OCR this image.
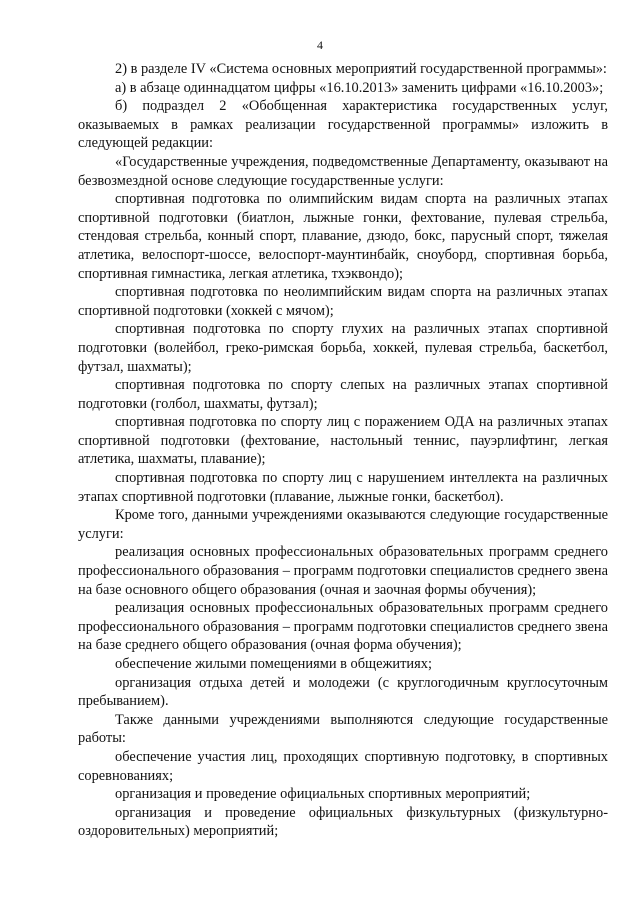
4

2) в разделе IV «Система основных мероприятий государственной программы»:

а) в абзаце одиннадцатом цифры «16.10.2013» заменить цифрами «16.10.2003»;

б) подраздел 2 «Обобщенная характеристика государственных услуг, оказываемых в рамках реализации государственной программы» изложить в следующей редакции:

«Государственные учреждения, подведомственные Департаменту, оказывают на безвозмездной основе следующие государственные услуги:

спортивная подготовка по олимпийским видам спорта на различных этапах спортивной подготовки (биатлон, лыжные гонки, фехтование, пулевая стрельба, стендовая стрельба, конный спорт, плавание, дзюдо, бокс, парусный спорт, тяжелая атлетика, велоспорт-шоссе, велоспорт-маунтинбайк, сноуборд, спортивная борьба, спортивная гимнастика, легкая атлетика, тхэквондо);

спортивная подготовка по неолимпийским видам спорта на различных этапах спортивной подготовки (хоккей с мячом);

спортивная подготовка по спорту глухих на различных этапах спортивной подготовки (волейбол, греко-римская борьба, хоккей, пулевая стрельба, баскетбол, футзал, шахматы);

спортивная подготовка по спорту слепых на различных этапах спортивной подготовки (голбол, шахматы, футзал);

спортивная подготовка по спорту лиц с поражением ОДА на различных этапах спортивной подготовки (фехтование, настольный теннис, пауэрлифтинг, легкая атлетика, шахматы, плавание);

спортивная подготовка по спорту лиц с нарушением интеллекта на различных этапах спортивной подготовки (плавание, лыжные гонки, баскетбол).

Кроме того, данными учреждениями оказываются следующие государственные услуги:

реализация основных профессиональных образовательных программ среднего профессионального образования – программ подготовки специалистов среднего звена на базе основного общего образования (очная и заочная формы обучения);

реализация основных профессиональных образовательных программ среднего профессионального образования – программ подготовки специалистов среднего звена на базе среднего общего образования (очная форма обучения);

обеспечение жилыми помещениями в общежитиях;

организация отдыха детей и молодежи (с круглогодичным круглосуточным пребыванием).

Также данными учреждениями выполняются следующие государственные работы:

обеспечение участия лиц, проходящих спортивную подготовку, в спортивных соревнованиях;

организация и проведение официальных спортивных мероприятий;

организация и проведение официальных физкультурных (физкультурно-оздоровительных) мероприятий;
